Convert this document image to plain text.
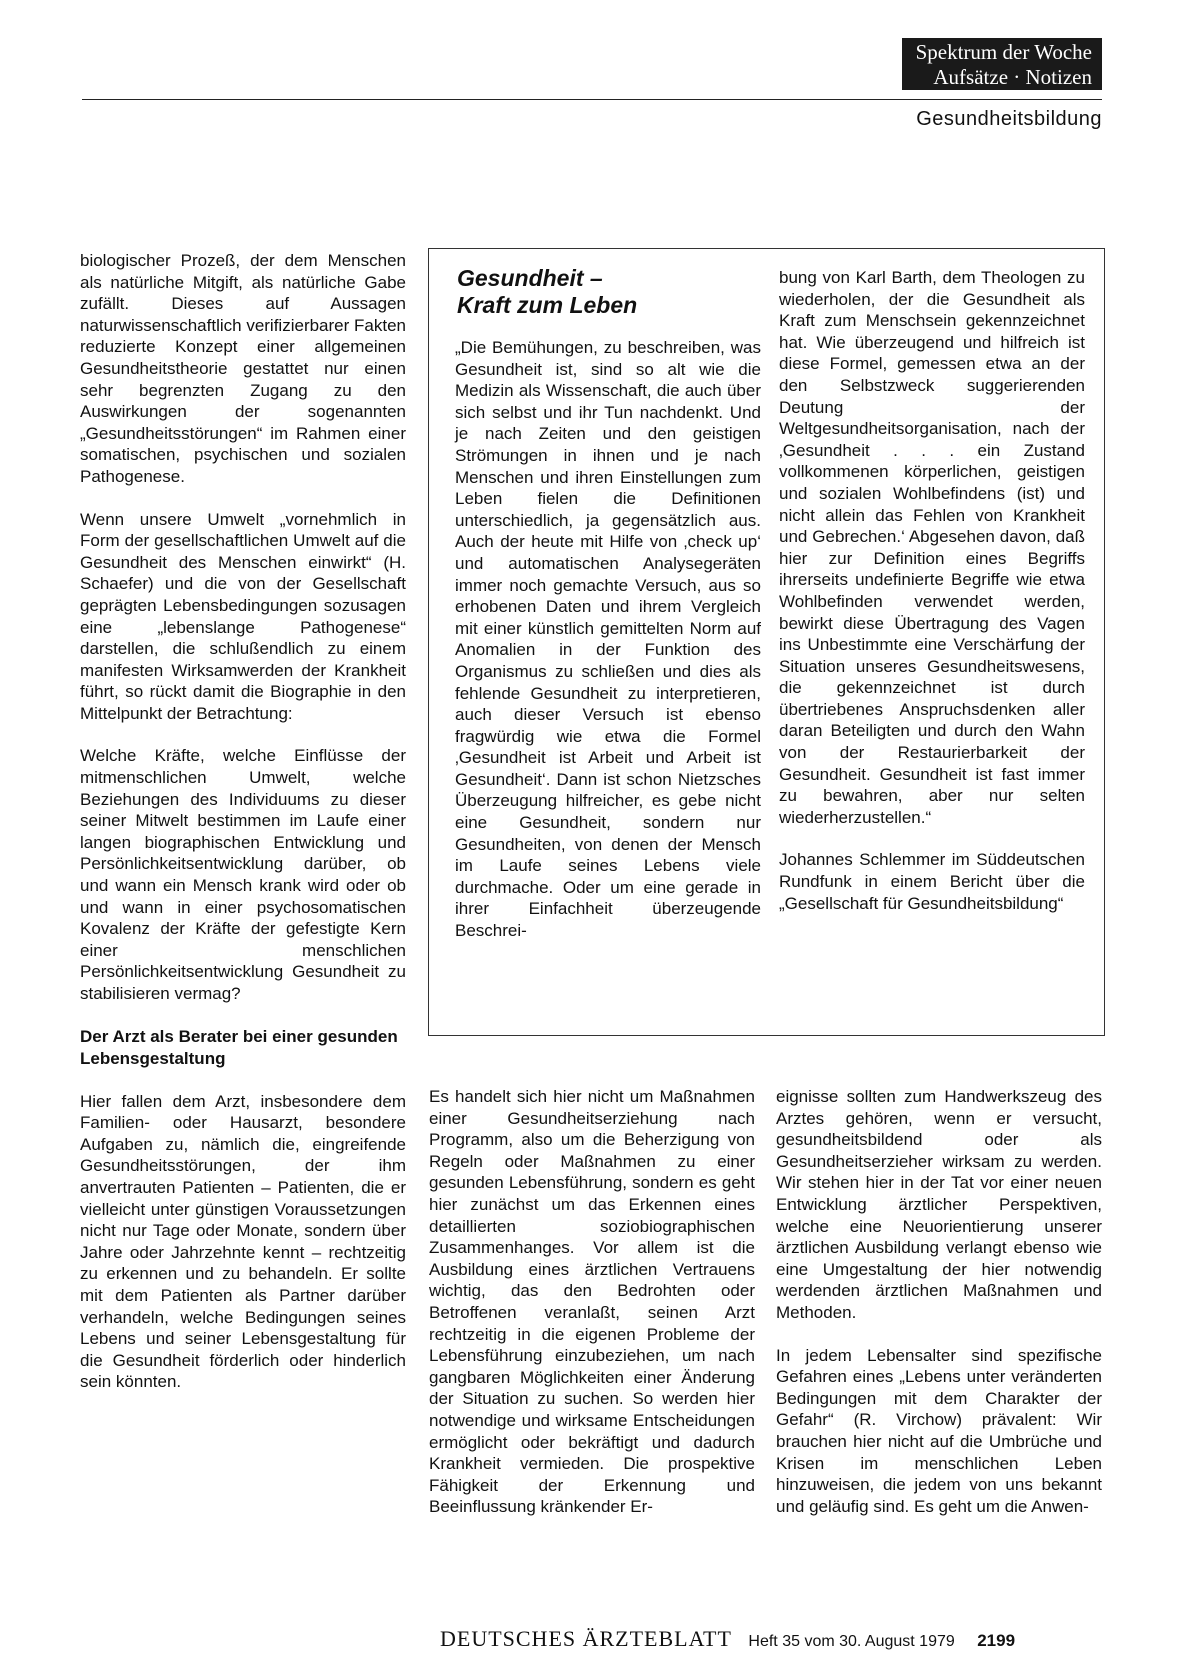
Spektrum der Woche
Aufsätze · Notizen
Gesundheitsbildung

biologischer Prozeß, der dem Menschen als natürliche Mitgift, als natürliche Gabe zufällt. Dieses auf Aussagen naturwissenschaftlich verifizierbarer Fakten reduzierte Konzept einer allgemeinen Gesundheitstheorie gestattet nur einen sehr begrenzten Zugang zu den Auswirkungen der sogenannten „Gesundheitsstörungen“ im Rahmen einer somatischen, psychischen und sozialen Pathogenese.

Wenn unsere Umwelt „vornehmlich in Form der gesellschaftlichen Umwelt auf die Gesundheit des Menschen einwirkt“ (H. Schaefer) und die von der Gesellschaft geprägten Lebensbedingungen sozusagen eine „lebenslange Pathogenese“ darstellen, die schlußendlich zu einem manifesten Wirksamwerden der Krankheit führt, so rückt damit die Biographie in den Mittelpunkt der Betrachtung:

Welche Kräfte, welche Einflüsse der mitmenschlichen Umwelt, welche Beziehungen des Individuums zu dieser seiner Mitwelt bestimmen im Laufe einer langen biographischen Entwicklung und Persönlichkeitsentwicklung darüber, ob und wann ein Mensch krank wird oder ob und wann in einer psychosomatischen Kovalenz der Kräfte der gefestigte Kern einer menschlichen Persönlichkeitsentwicklung Gesundheit zu stabilisieren vermag?

Der Arzt als Berater bei einer gesunden Lebensgestaltung

Hier fallen dem Arzt, insbesondere dem Familien- oder Hausarzt, besondere Aufgaben zu, nämlich die, eingreifende Gesundheitsstörungen, der ihm anvertrauten Patienten – Patienten, die er vielleicht unter günstigen Voraussetzungen nicht nur Tage oder Monate, sondern über Jahre oder Jahrzehnte kennt – rechtzeitig zu erkennen und zu behandeln. Er sollte mit dem Patienten als Partner darüber verhandeln, welche Bedingungen seines Lebens und seiner Lebensgestaltung für die Gesundheit förderlich oder hinderlich sein könnten.

Gesundheit –
Kraft zum Leben

„Die Bemühungen, zu beschreiben, was Gesundheit ist, sind so alt wie die Medizin als Wissenschaft, die auch über sich selbst und ihr Tun nachdenkt. Und je nach Zeiten und den geistigen Strömungen in ihnen und je nach Menschen und ihren Einstellungen zum Leben fielen die Definitionen unterschiedlich, ja gegensätzlich aus. Auch der heute mit Hilfe von ‚check up‘ und automatischen Analysegeräten immer noch gemachte Versuch, aus so erhobenen Daten und ihrem Vergleich mit einer künstlich gemittelten Norm auf Anomalien in der Funktion des Organismus zu schließen und dies als fehlende Gesundheit zu interpretieren, auch dieser Versuch ist ebenso fragwürdig wie etwa die Formel ‚Gesundheit ist Arbeit und Arbeit ist Gesundheit‘. Dann ist schon Nietzsches Überzeugung hilfreicher, es gebe nicht eine Gesundheit, sondern nur Gesundheiten, von denen der Mensch im Laufe seines Lebens viele durchmache. Oder um eine gerade in ihrer Einfachheit überzeugende Beschrei-

bung von Karl Barth, dem Theologen zu wiederholen, der die Gesundheit als Kraft zum Menschsein gekennzeichnet hat. Wie überzeugend und hilfreich ist diese Formel, gemessen etwa an der den Selbstzweck suggerierenden Deutung der Weltgesundheitsorganisation, nach der ‚Gesundheit . . . ein Zustand vollkommenen körperlichen, geistigen und sozialen Wohlbefindens (ist) und nicht allein das Fehlen von Krankheit und Gebrechen.‘ Abgesehen davon, daß hier zur Definition eines Begriffs ihrerseits undefinierte Begriffe wie etwa Wohlbefinden verwendet werden, bewirkt diese Übertragung des Vagen ins Unbestimmte eine Verschärfung der Situation unseres Gesundheitswesens, die gekennzeichnet ist durch übertriebenes Anspruchsdenken aller daran Beteiligten und durch den Wahn von der Restaurierbarkeit der Gesundheit. Gesundheit ist fast immer zu bewahren, aber nur selten wiederherzustellen.“

Johannes Schlemmer im Süddeutschen Rundfunk in einem Bericht über die „Gesellschaft für Gesundheitsbildung“

Es handelt sich hier nicht um Maßnahmen einer Gesundheitserziehung nach Programm, also um die Beherzigung von Regeln oder Maßnahmen zu einer gesunden Lebensführung, sondern es geht hier zunächst um das Erkennen eines detaillierten soziobiographischen Zusammenhanges. Vor allem ist die Ausbildung eines ärztlichen Vertrauens wichtig, das den Bedrohten oder Betroffenen veranlaßt, seinen Arzt rechtzeitig in die eigenen Probleme der Lebensführung einzubeziehen, um nach gangbaren Möglichkeiten einer Änderung der Situation zu suchen. So werden hier notwendige und wirksame Entscheidungen ermöglicht oder bekräftigt und dadurch Krankheit vermieden. Die prospektive Fähigkeit der Erkennung und Beeinflussung kränkender Er-

eignisse sollten zum Handwerkszeug des Arztes gehören, wenn er versucht, gesundheitsbildend oder als Gesundheitserzieher wirksam zu werden. Wir stehen hier in der Tat vor einer neuen Entwicklung ärztlicher Perspektiven, welche eine Neuorientierung unserer ärztlichen Ausbildung verlangt ebenso wie eine Umgestaltung der hier notwendig werdenden ärztlichen Maßnahmen und Methoden.

In jedem Lebensalter sind spezifische Gefahren eines „Lebens unter veränderten Bedingungen mit dem Charakter der Gefahr“ (R. Virchow) prävalent: Wir brauchen hier nicht auf die Umbrüche und Krisen im menschlichen Leben hinzuweisen, die jedem von uns bekannt und geläufig sind. Es geht um die Anwen-

DEUTSCHES ÄRZTEBLATT Heft 35 vom 30. August 1979 2199
